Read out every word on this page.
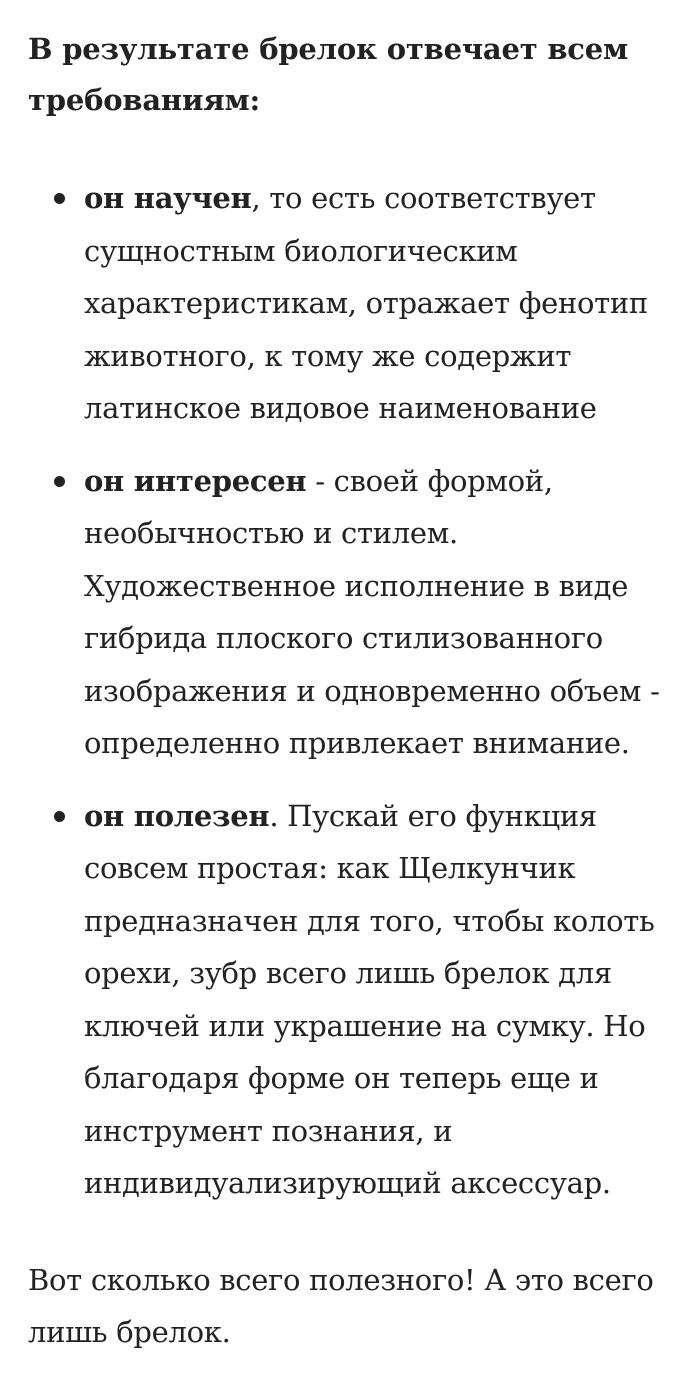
В результате брелок отвечает всем требованиям:

он научен, то есть соответствует сущностным биологическим характеристикам, отражает фенотип животного, к тому же содержит латинское видовое наименование
он интересен - своей формой, необычностью и стилем. Художественное исполнение в виде гибрида плоского стилизованного изображения и одновременно объем - определенно привлекает внимание.
он полезен. Пускай его функция совсем простая: как Щелкунчик предназначен для того, чтобы колоть орехи, зубр всего лишь брелок для ключей или украшение на сумку. Но благодаря форме он теперь еще и инструмент познания, и индивидуализирующий аксессуар.

Вот сколько всего полезного! А это всего лишь брелок.
